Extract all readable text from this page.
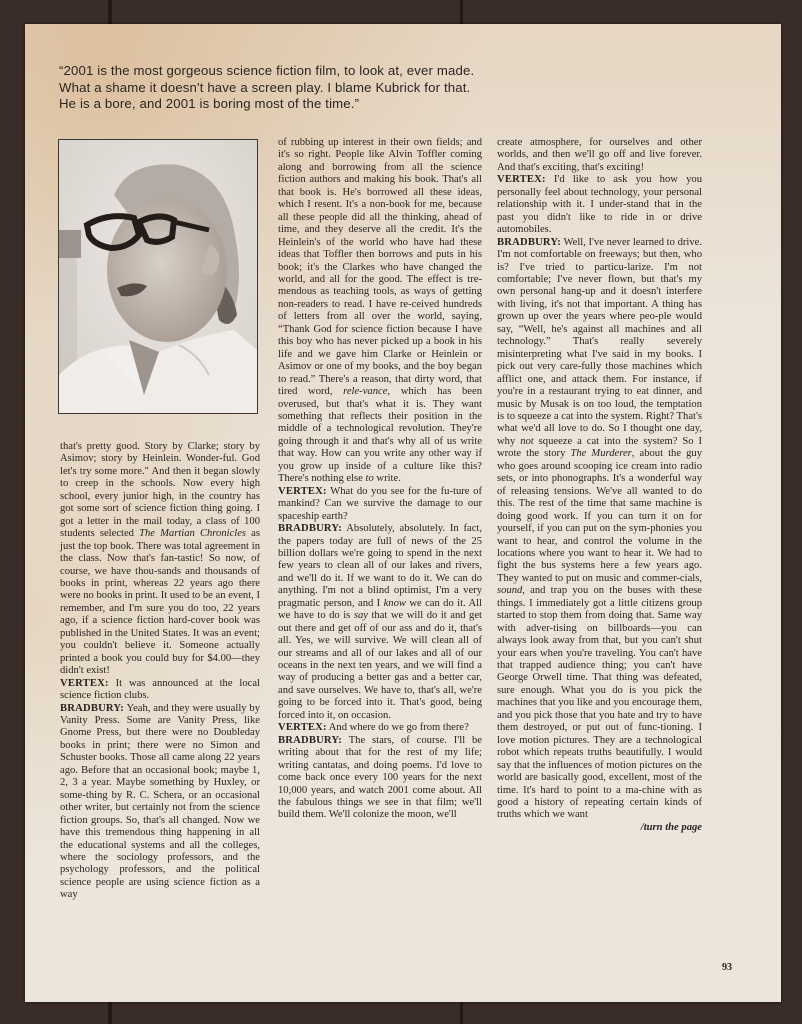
“2001 is the most gorgeous science fiction film, to look at, ever made. What a shame it doesn't have a screen play. I blame Kubrick for that. He is a bore, and 2001 is boring most of the time.”

that's pretty good. Story by Clarke; story by Asimov; story by Heinlein. Wonder-ful. God let's try some more." And then it began slowly to creep in the schools. Now every high school, every junior high, in the country has got some sort of science fiction thing going. I got a letter in the mail today, a class of 100 students selected The Martian Chronicles as just the top book. There was total agreement in the class. Now that's fan-tastic! So now, of course, we have thou-sands and thousands of books in print, whereas 22 years ago there were no books in print. It used to be an event, I remember, and I'm sure you do too, 22 years ago, if a science fiction hard-cover book was published in the United States. It was an event; you couldn't believe it. Someone actually printed a book you could buy for $4.00—they didn't exist!

VERTEX: It was announced at the local science fiction clubs.

BRADBURY: Yeah, and they were usually by Vanity Press. Some are Vanity Press, like Gnome Press, but there were no Doubleday books in print; there were no Simon and Schuster books. Those all came along 22 years ago. Before that an occasional book; maybe 1, 2, 3 a year. Maybe something by Huxley, or some-thing by R. C. Schera, or an occasional other writer, but certainly not from the science fiction groups. So, that's all changed. Now we have this tremendous thing happening in all the educational systems and all the colleges, where the sociology professors, and the psychology professors, and the political science people are using science fiction as a way

of rubbing up interest in their own fields; and it's so right. People like Alvin Toffler coming along and borrowing from all the science fiction authors and making his book. That's all that book is. He's borrowed all these ideas, which I resent. It's a non-book for me, because all these people did all the thinking, ahead of time, and they deserve all the credit. It's the Heinlein's of the world who have had these ideas that Toffler then borrows and puts in his book; it's the Clarkes who have changed the world, and all for the good. The effect is tre-mendous as teaching tools, as ways of getting non-readers to read. I have re-ceived hundreds of letters from all over the world, saying, “Thank God for science fiction because I have this boy who has never picked up a book in his life and we gave him Clarke or Heinlein or Asimov or one of my books, and the boy began to read.” There's a reason, that dirty word, that tired word, rele-vance, which has been overused, but that's what it is. They want something that reflects their position in the middle of a technological revolution. They're going through it and that's why all of us write that way. How can you write any other way if you grow up inside of a culture like this? There's nothing else to write.

VERTEX: What do you see for the fu-ture of mankind? Can we survive the damage to our spaceship earth?

BRADBURY: Absolutely, absolutely. In fact, the papers today are full of news of the 25 billion dollars we're going to spend in the next few years to clean all of our lakes and rivers, and we'll do it. If we want to do it. We can do anything. I'm not a blind optimist, I'm a very pragmatic person, and I know we can do it. All we have to do is say that we will do it and get out there and get off of our ass and do it, that's all. Yes, we will survive. We will clean all of our streams and all of our lakes and all of our oceans in the next ten years, and we will find a way of producing a better gas and a better car, and save ourselves. We have to, that's all, we're going to be forced into it. That's good, being forced into it, on occasion.

VERTEX: And where do we go from there?

BRADBURY: The stars, of course. I'll be writing about that for the rest of my life; writing cantatas, and doing poems. I'd love to come back once every 100 years for the next 10,000 years, and watch 2001 come about. All the fabulous things we see in that film; we'll build them. We'll colonize the moon, we'll

create atmosphere, for ourselves and other worlds, and then we'll go off and live forever. And that's exciting, that's exciting!

VERTEX: I'd like to ask you how you personally feel about technology, your personal relationship with it. I under-stand that in the past you didn't like to ride in or drive automobiles.

BRADBURY: Well, I've never learned to drive. I'm not comfortable on freeways; but then, who is? I've tried to particu-larize. I'm not comfortable; I've never flown, but that's my own personal hang-up and it doesn't interfere with living, it's not that important. A thing has grown up over the years where peo-ple would say, “Well, he's against all machines and all technology.” That's really severely misinterpreting what I've said in my books. I pick out very care-fully those machines which afflict one, and attack them. For instance, if you're in a restaurant trying to eat dinner, and music by Musak is on too loud, the temptation is to squeeze a cat into the system. Right? That's what we'd all love to do. So I thought one day, why not squeeze a cat into the system? So I wrote the story The Murderer, about the guy who goes around scooping ice cream into radio sets, or into phonographs. It's a wonderful way of releasing tensions. We've all wanted to do this. The rest of the time that same machine is doing good work. If you can turn it on for yourself, if you can put on the sym-phonies you want to hear, and control the volume in the locations where you want to hear it. We had to fight the bus systems here a few years ago. They wanted to put on music and commer-cials, sound, and trap you on the buses with these things. I immediately got a little citizens group started to stop them from doing that. Same way with adver-tising on billboards—you can always look away from that, but you can't shut your ears when you're traveling. You can't have that trapped audience thing; you can't have George Orwell time. That thing was defeated, sure enough. What you do is you pick the machines that you like and you encourage them, and you pick those that you hate and try to have them destroyed, or put out of func-tioning. I love motion pictures. They are a technological robot which repeats truths beautifully. I would say that the influences of motion pictures on the world are basically good, excellent, most of the time. It's hard to point to a ma-chine with as good a history of repeating certain kinds of truths which we want

/turn the page

93
